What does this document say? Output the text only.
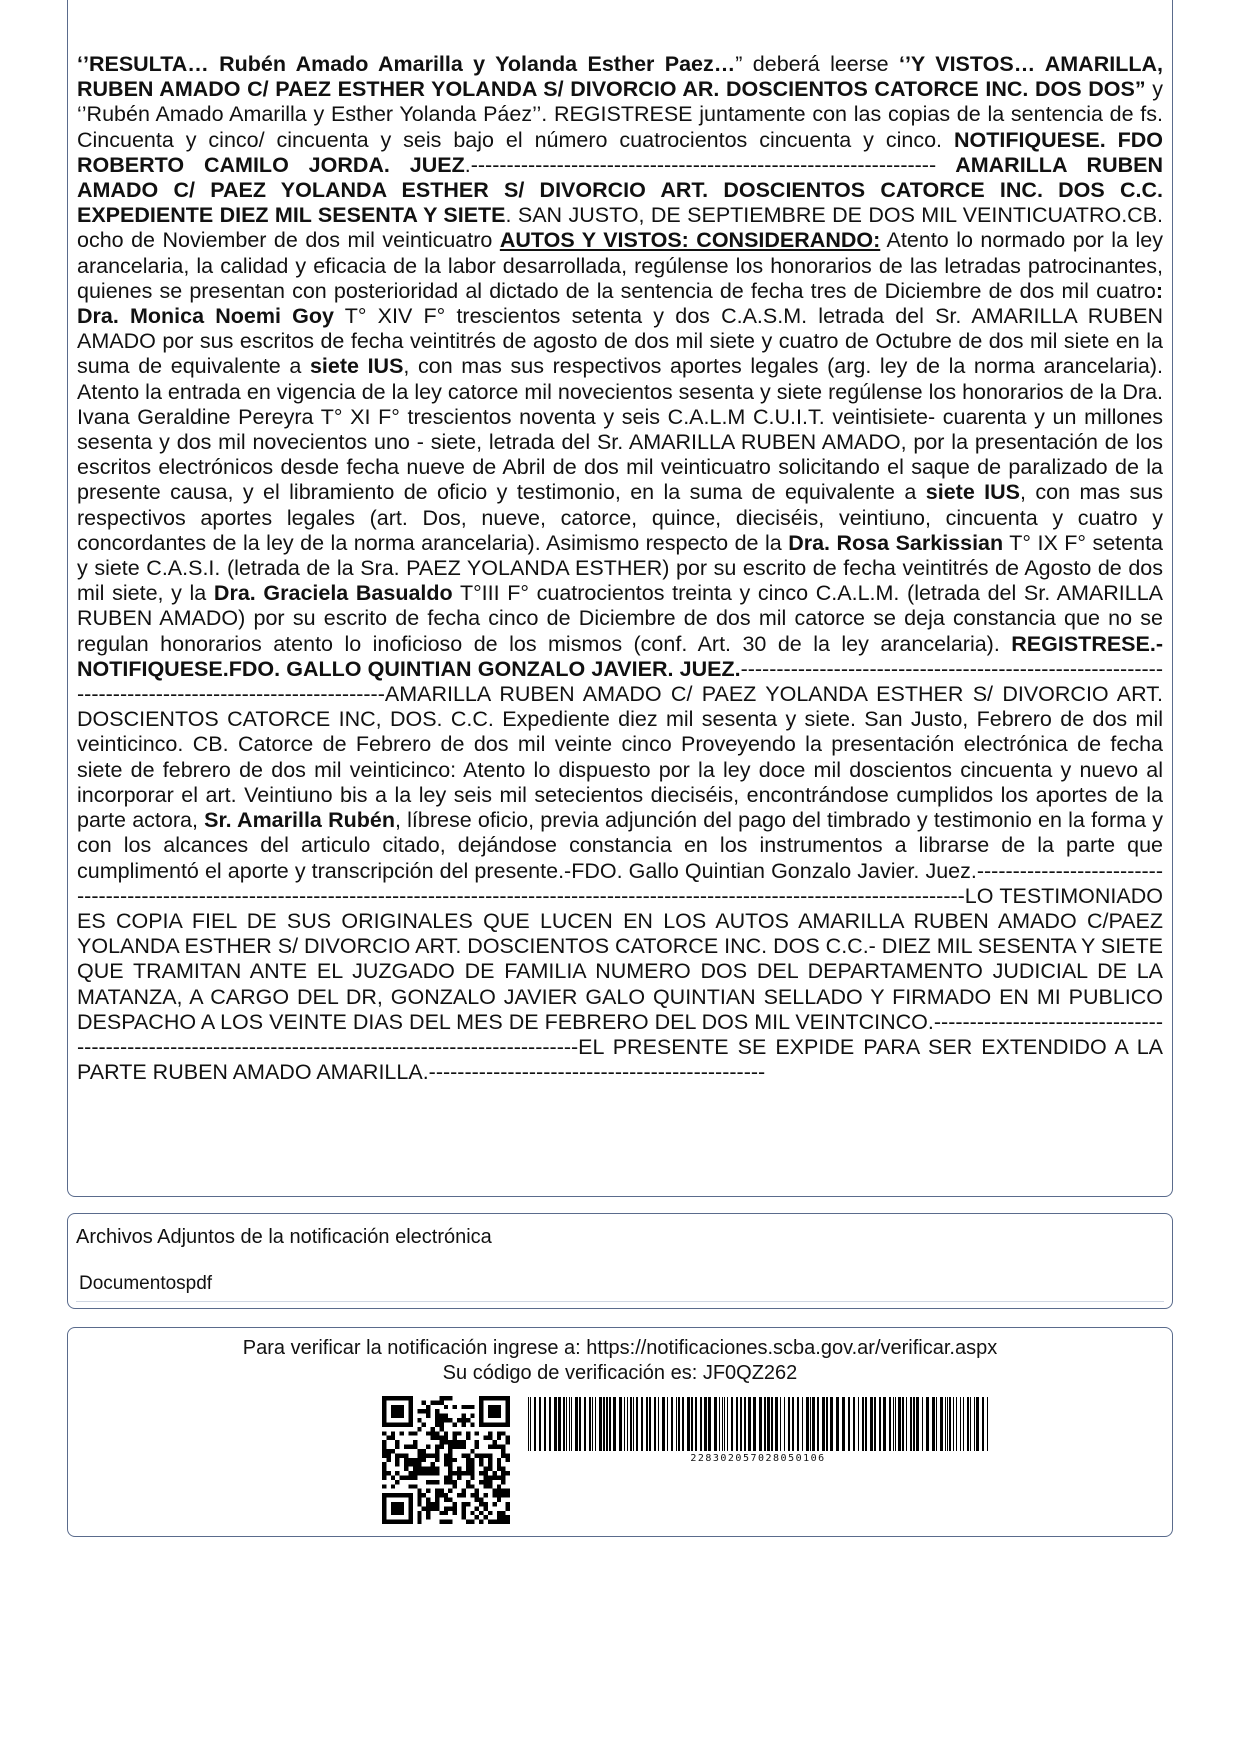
‘’RESULTA… Rubén Amado Amarilla y Yolanda Esther Paez…” deberá leerse ‘’Y VISTOS… AMARILLA, RUBEN AMADO C/ PAEZ ESTHER YOLANDA S/ DIVORCIO AR. DOSCIENTOS CATORCE INC. DOS DOS” y ‘’Rubén Amado Amarilla y Esther Yolanda Páez’’. REGISTRESE juntamente con las copias de la sentencia de fs. Cincuenta y cinco/ cincuenta y seis bajo el número cuatrocientos cincuenta y cinco. NOTIFIQUESE. FDO ROBERTO CAMILO JORDA. JUEZ.----------------------------------------------------------------- AMARILLA RUBEN AMADO C/ PAEZ YOLANDA ESTHER S/ DIVORCIO ART. DOSCIENTOS CATORCE INC. DOS C.C. EXPEDIENTE DIEZ MIL SESENTA Y SIETE. SAN JUSTO, DE SEPTIEMBRE DE DOS MIL VEINTICUATRO.CB. ocho de Noviember de dos mil veinticuatro AUTOS Y VISTOS: CONSIDERANDO: Atento lo normado por la ley arancelaria, la calidad y eficacia de la labor desarrollada, regúlense los honorarios de las letradas patrocinantes, quienes se presentan con posterioridad al dictado de la sentencia de fecha tres de Diciembre de dos mil cuatro: Dra. Monica Noemi Goy T° XIV F° trescientos setenta y dos C.A.S.M. letrada del Sr. AMARILLA RUBEN AMADO por sus escritos de fecha veintitrés de agosto de dos mil siete y cuatro de Octubre de dos mil siete en la suma de equivalente a siete IUS, con mas sus respectivos aportes legales (arg. ley de la norma arancelaria). Atento la entrada en vigencia de la ley catorce mil novecientos sesenta y siete regúlense los honorarios de la Dra. Ivana Geraldine Pereyra T° XI F° trescientos noventa y seis C.A.L.M C.U.I.T. veintisiete- cuarenta y un millones sesenta y dos mil novecientos uno - siete, letrada del Sr. AMARILLA RUBEN AMADO, por la presentación de los escritos electrónicos desde fecha nueve de Abril de dos mil veinticuatro solicitando el saque de paralizado de la presente causa, y el libramiento de oficio y testimonio, en la suma de equivalente a siete IUS, con mas sus respectivos aportes legales (art. Dos, nueve, catorce, quince, dieciséis, veintiuno, cincuenta y cuatro y concordantes de la ley de la norma arancelaria). Asimismo respecto de la Dra. Rosa Sarkissian T° IX F° setenta y siete C.A.S.I. (letrada de la Sra. PAEZ YOLANDA ESTHER) por su escrito de fecha veintitrés de Agosto de dos mil siete, y la Dra. Graciela Basualdo T°III F° cuatrocientos treinta y cinco C.A.L.M. (letrada del Sr. AMARILLA RUBEN AMADO) por su escrito de fecha cinco de Diciembre de dos mil catorce se deja constancia que no se regulan honorarios atento lo inoficioso de los mismos (conf. Art. 30 de la ley arancelaria). REGISTRESE.- NOTIFIQUESE.FDO. GALLO QUINTIAN GONZALO JAVIER. JUEZ.------------------------------------------------------------------------------------------------------AMARILLA RUBEN AMADO C/ PAEZ YOLANDA ESTHER S/ DIVORCIO ART. DOSCIENTOS CATORCE INC, DOS. C.C. Expediente diez mil sesenta y siete. San Justo, Febrero de dos mil veinticinco. CB. Catorce de Febrero de dos mil veinte cinco Proveyendo la presentación electrónica de fecha siete de febrero de dos mil veinticinco: Atento lo dispuesto por la ley doce mil doscientos cincuenta y nuevo al incorporar el art. Veintiuno bis a la ley seis mil setecientos dieciséis, encontrándose cumplidos los aportes de la parte actora, Sr. Amarilla Rubén, líbrese oficio, previa adjunción del pago del timbrado y testimonio en la forma y con los alcances del articulo citado, dejándose constancia en los instrumentos a librarse de la parte que cumplimentó el aporte y transcripción del presente.-FDO. Gallo Quintian Gonzalo Javier. Juez.------------------------------------------------------------------------------------------------------------------------------------------------------LO TESTIMONIADO ES COPIA FIEL DE SUS ORIGINALES QUE LUCEN EN LOS AUTOS AMARILLA RUBEN AMADO C/PAEZ YOLANDA ESTHER S/ DIVORCIO ART. DOSCIENTOS CATORCE INC. DOS C.C.- DIEZ MIL SESENTA Y SIETE QUE TRAMITAN ANTE EL JUZGADO DE FAMILIA NUMERO DOS DEL DEPARTAMENTO JUDICIAL DE LA MATANZA, A CARGO DEL DR, GONZALO JAVIER GALO QUINTIAN SELLADO Y FIRMADO EN MI PUBLICO DESPACHO A LOS VEINTE DIAS DEL MES DE FEBRERO DEL DOS MIL VEINTCINCO.------------------------------------------------------------------------------------------------------EL PRESENTE SE EXPIDE PARA SER EXTENDIDO A LA PARTE RUBEN AMADO AMARILLA.-----------------------------------------------

Archivos Adjuntos de la notificación electrónica
Documentospdf
Para verificar la notificación ingrese a: https://notificaciones.scba.gov.ar/verificar.aspx
Su código de verificación es: JF0QZ262
228302057028050106
